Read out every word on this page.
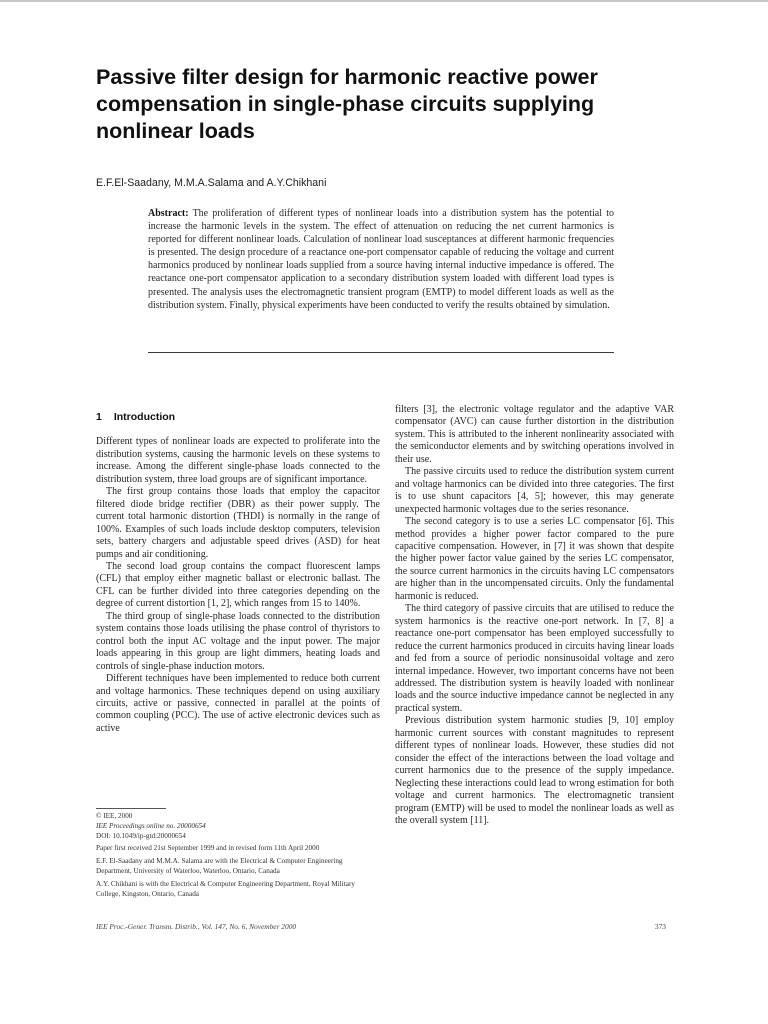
Passive filter design for harmonic reactive power compensation in single-phase circuits supplying nonlinear loads
E.F.El-Saadany, M.M.A.Salama and A.Y.Chikhani

Abstract: The proliferation of different types of nonlinear loads into a distribution system has the potential to increase the harmonic levels in the system. The effect of attenuation on reducing the net current harmonics is reported for different nonlinear loads. Calculation of nonlinear load susceptances at different harmonic frequencies is presented. The design procedure of a reactance one-port compensator capable of reducing the voltage and current harmonics produced by nonlinear loads supplied from a source having internal inductive impedance is offered. The reactance one-port compensator application to a secondary distribution system loaded with different load types is presented. The analysis uses the electromagnetic transient program (EMTP) to model different loads as well as the distribution system. Finally, physical experiments have been conducted to verify the results obtained by simulation.

1 Introduction

Different types of nonlinear loads are expected to proliferate into the distribution systems, causing the harmonic levels on these systems to increase. Among the different single-phase loads connected to the distribution system, three load groups are of significant importance.

The first group contains those loads that employ the capacitor filtered diode bridge rectifier (DBR) as their power supply. The current total harmonic distortion (THDI) is normally in the range of 100%. Examples of such loads include desktop computers, television sets, battery chargers and adjustable speed drives (ASD) for heat pumps and air conditioning.

The second load group contains the compact fluorescent lamps (CFL) that employ either magnetic ballast or electronic ballast. The CFL can be further divided into three categories depending on the degree of current distortion [1, 2], which ranges from 15 to 140%.

The third group of single-phase loads connected to the distribution system contains those loads utilising the phase control of thyristors to control both the input AC voltage and the input power. The major loads appearing in this group are light dimmers, heating loads and controls of single-phase induction motors.

Different techniques have been implemented to reduce both current and voltage harmonics. These techniques depend on using auxiliary circuits, active or passive, connected in parallel at the points of common coupling (PCC). The use of active electronic devices such as active

filters [3], the electronic voltage regulator and the adaptive VAR compensator (AVC) can cause further distortion in the distribution system. This is attributed to the inherent nonlinearity associated with the semiconductor elements and by switching operations involved in their use.

The passive circuits used to reduce the distribution system current and voltage harmonics can be divided into three categories. The first is to use shunt capacitors [4, 5]; however, this may generate unexpected harmonic voltages due to the series resonance.

The second category is to use a series LC compensator [6]. This method provides a higher power factor compared to the pure capacitive compensation. However, in [7] it was shown that despite the higher power factor value gained by the series LC compensator, the source current harmonics in the circuits having LC compensators are higher than in the uncompensated circuits. Only the fundamental harmonic is reduced.

The third category of passive circuits that are utilised to reduce the system harmonics is the reactive one-port network. In [7, 8] a reactance one-port compensator has been employed successfully to reduce the current harmonics produced in circuits having linear loads and fed from a source of periodic nonsinusoidal voltage and zero internal impedance. However, two important concerns have not been addressed. The distribution system is heavily loaded with nonlinear loads and the source inductive impedance cannot be neglected in any practical system.

Previous distribution system harmonic studies [9, 10] employ harmonic current sources with constant magnitudes to represent different types of nonlinear loads. However, these studies did not consider the effect of the interactions between the load voltage and current harmonics due to the presence of the supply impedance. Neglecting these interactions could lead to wrong estimation for both voltage and current harmonics. The electromagnetic transient program (EMTP) will be used to model the nonlinear loads as well as the overall system [11].

© IEE, 2000
IEE Proceedings online no. 20000654
DOI: 10.1049/ip-gtd:20000654
Paper first received 21st September 1999 and in revised form 11th April 2000
E.F. El-Saadany and M.M.A. Salama are with the Electrical & Computer Engineering Department, University of Waterloo, Waterloo, Ontario, Canada
A.Y. Chikhani is with the Electrical & Computer Engineering Department, Royal Military College, Kingston, Ontario, Canada
IEE Proc.-Gener. Transm. Distrib., Vol. 147, No. 6, November 2000	373
